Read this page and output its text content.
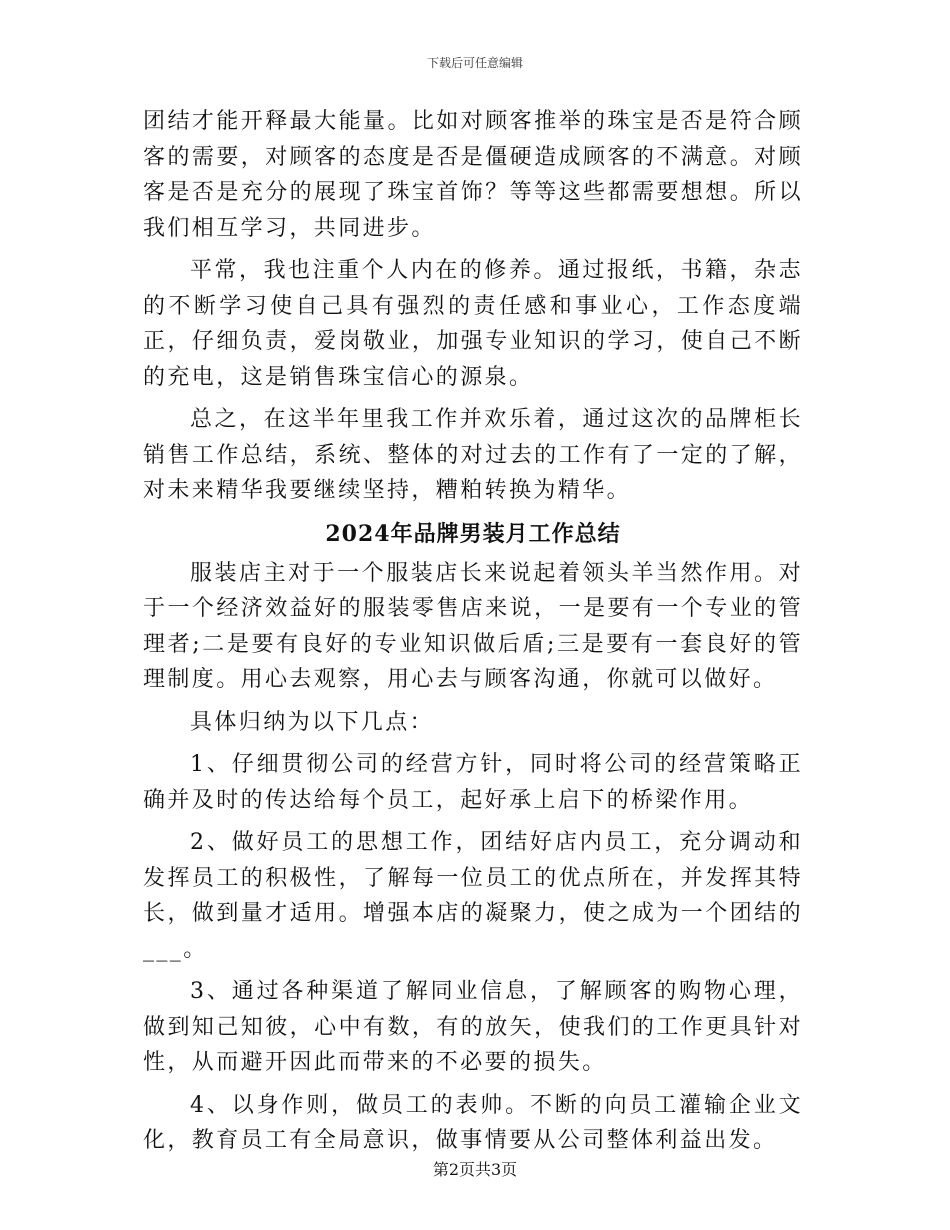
下载后可任意编辑

团结才能开释最大能量。比如对顾客推举的珠宝是否是符合顾客的需要，对顾客的态度是否是僵硬造成顾客的不满意。对顾客是否是充分的展现了珠宝首饰？等等这些都需要想想。所以我们相互学习，共同进步。

平常，我也注重个人内在的修养。通过报纸，书籍，杂志的不断学习使自己具有强烈的责任感和事业心，工作态度端正，仔细负责，爱岗敬业，加强专业知识的学习，使自己不断的充电，这是销售珠宝信心的源泉。

总之，在这半年里我工作并欢乐着，通过这次的品牌柜长销售工作总结，系统、整体的对过去的工作有了一定的了解，对未来精华我要继续坚持，糟粕转换为精华。

2024年品牌男装月工作总结

服装店主对于一个服装店长来说起着领头羊当然作用。对于一个经济效益好的服装零售店来说，一是要有一个专业的管理者;二是要有良好的专业知识做后盾;三是要有一套良好的管理制度。用心去观察，用心去与顾客沟通，你就可以做好。

具体归纳为以下几点：

1、仔细贯彻公司的经营方针，同时将公司的经营策略正确并及时的传达给每个员工，起好承上启下的桥梁作用。

2、做好员工的思想工作，团结好店内员工，充分调动和发挥员工的积极性，了解每一位员工的优点所在，并发挥其特长，做到量才适用。增强本店的凝聚力，使之成为一个团结的___。

3、通过各种渠道了解同业信息，了解顾客的购物心理，做到知己知彼，心中有数，有的放矢，使我们的工作更具针对性，从而避开因此而带来的不必要的损失。

4、以身作则，做员工的表帅。不断的向员工灌输企业文化，教育员工有全局意识，做事情要从公司整体利益出发。

第2页共3页
